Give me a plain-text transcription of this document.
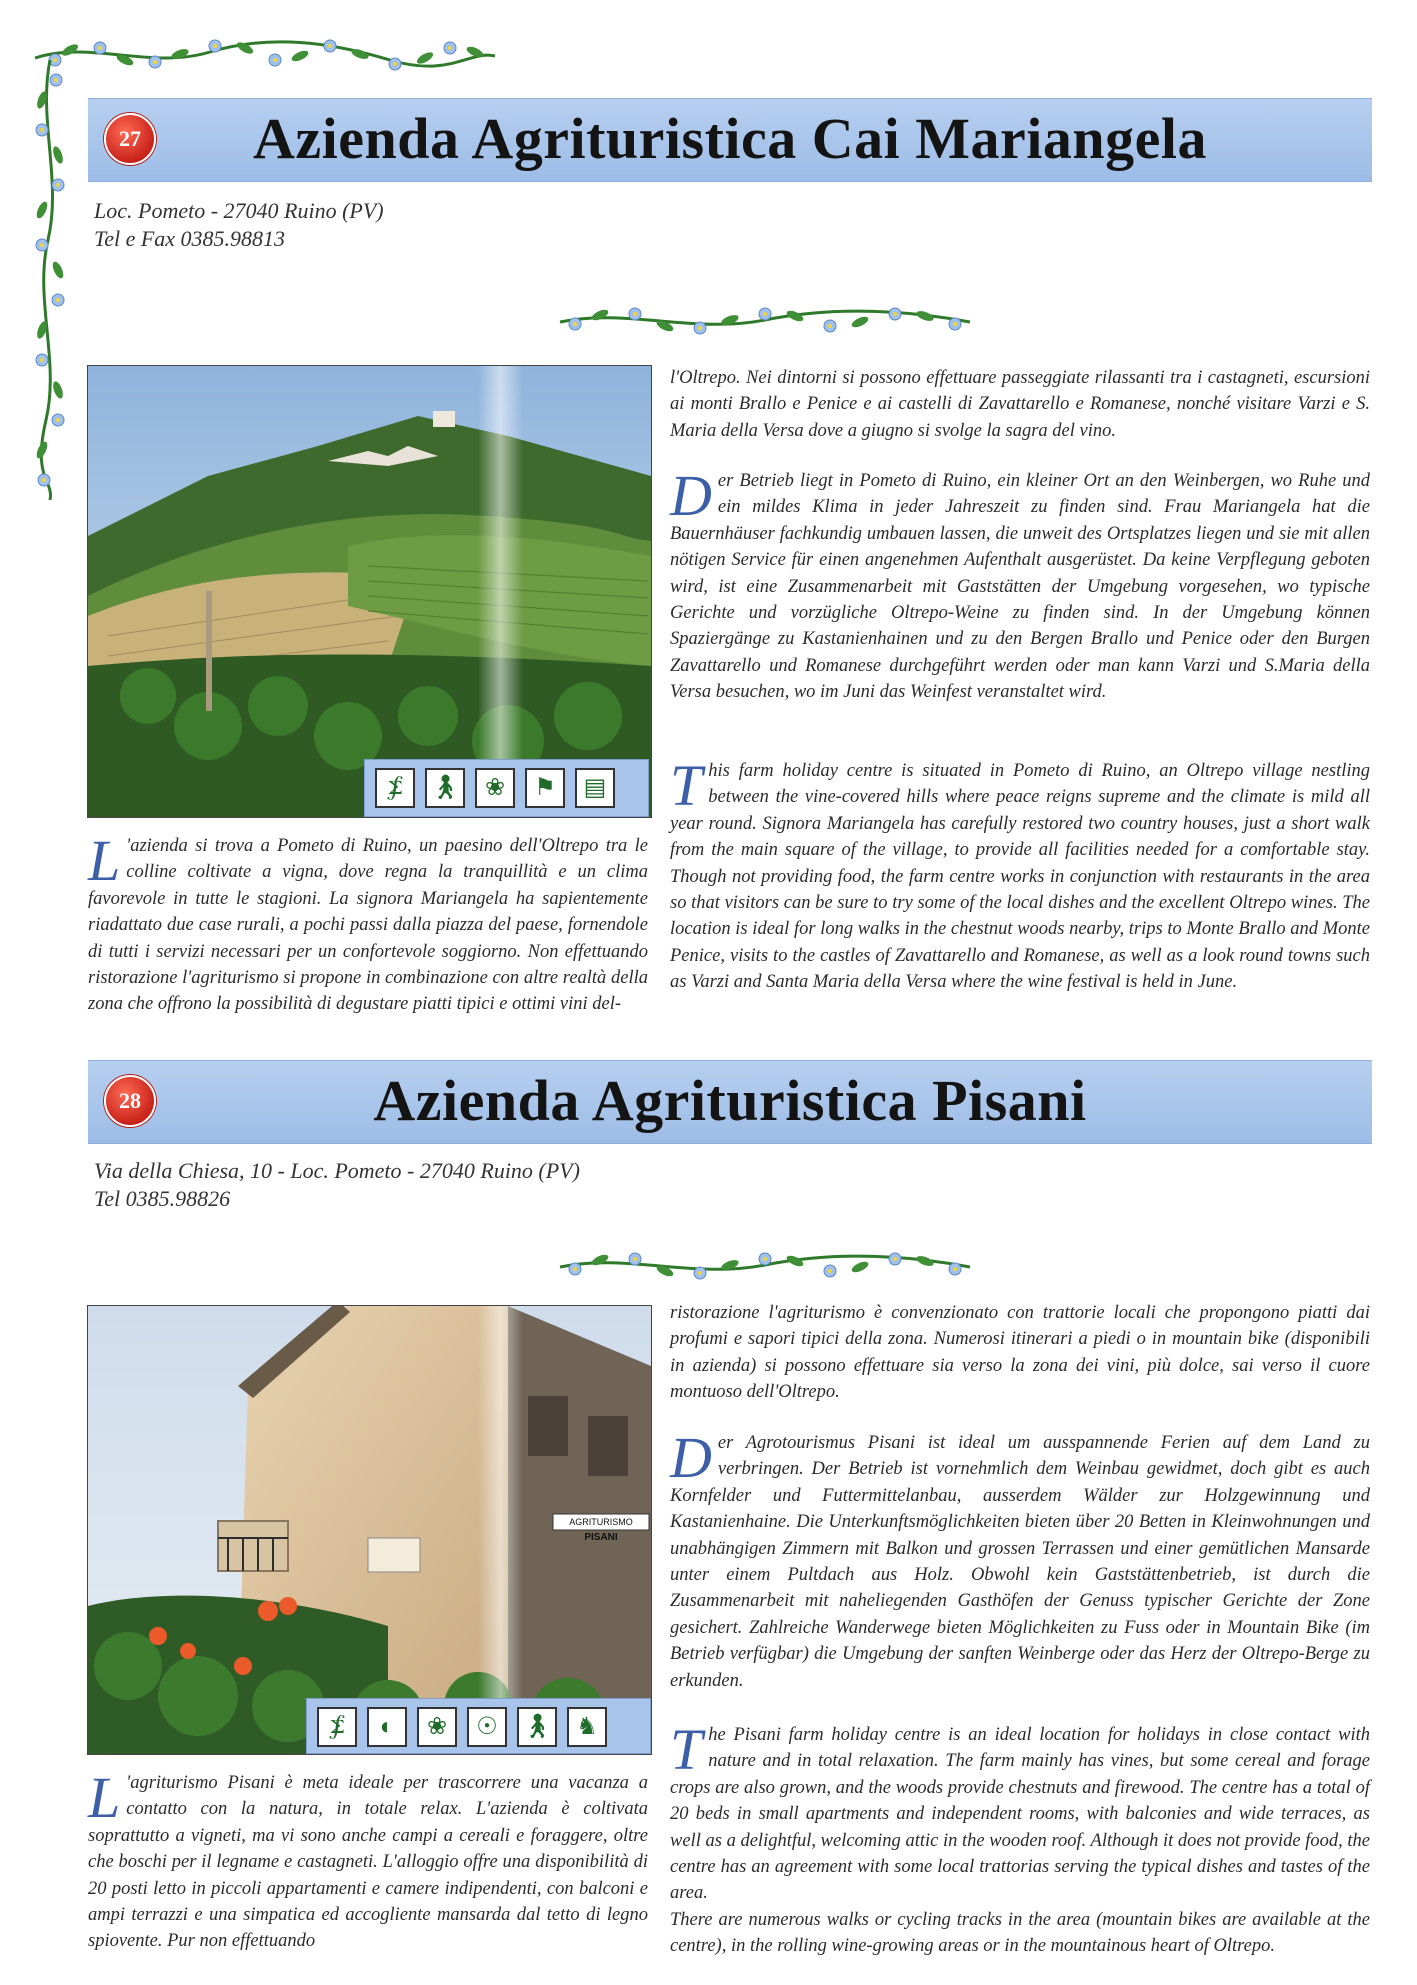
27	Azienda Agrituristica Cai Mariangela
Loc. Pometo - 27040 Ruino (PV)
Tel e Fax 0385.98813
⨋	🚶︎	❀	⚑	▤

L 'azienda si trova a Pometo di Ruino, un paesino dell'Oltrepo tra le colline coltivate a vigna, dove regna la tranquillità e un clima favorevole in tutte le stagioni. La signora Mariangela ha sapientemente riadattato due case rurali, a pochi passi dalla piazza del paese, fornendole di tutti i servizi necessari per un confortevole soggiorno. Non effettuando ristorazione l'agriturismo si propone in combinazione con altre realtà della zona che offrono la possibilità di degustare piatti tipici e ottimi vini del-

l'Oltrepo. Nei dintorni si possono effettuare passeggiate rilassanti tra i castagneti, escursioni ai monti Brallo e Penice e ai castelli di Zavattarello e Romanese, nonché visitare Varzi e S. Maria della Versa dove a giugno si svolge la sagra del vino.

Der Betrieb liegt in Pometo di Ruino, ein kleiner Ort an den Weinbergen, wo Ruhe und ein mildes Klima in jeder Jahreszeit zu finden sind. Frau Mariangela hat die Bauernhäuser fachkundig umbauen lassen, die unweit des Ortsplatzes liegen und sie mit allen nötigen Service für einen angenehmen Aufenthalt ausgerüstet. Da keine Verpflegung geboten wird, ist eine Zusammenarbeit mit Gaststätten der Umgebung vorgesehen, wo typische Gerichte und vorzügliche Oltrepo-Weine zu finden sind. In der Umgebung können Spaziergänge zu Kastanienhainen und zu den Bergen Brallo und Penice oder den Burgen Zavattarello und Romanese durchgeführt werden oder man kann Varzi und S.Maria della Versa besuchen, wo im Juni das Weinfest veranstaltet wird.

This farm holiday centre is situated in Pometo di Ruino, an Oltrepo village nestling between the vine-covered hills where peace reigns supreme and the climate is mild all year round. Signora Mariangela has carefully restored two country houses, just a short walk from the main square of the village, to provide all facilities needed for a comfortable stay. Though not providing food, the farm centre works in conjunction with restaurants in the area so that visitors can be sure to try some of the local dishes and the excellent Oltrepo wines. The location is ideal for long walks in the chestnut woods nearby, trips to Monte Brallo and Monte Penice, visits to the castles of Zavattarello and Romanese, as well as a look round towns such as Varzi and Santa Maria della Versa where the wine festival is held in June.

28	Azienda Agrituristica Pisani
Via della Chiesa, 10 - Loc. Pometo - 27040 Ruino (PV)
Tel 0385.98826
AGRITURISMO
PISANI
⨋	◐	❀	☉	🚶︎	♞

L 'agriturismo Pisani è meta ideale per trascorrere una vacanza a contatto con la natura, in totale relax. L'azienda è coltivata soprattutto a vigneti, ma vi sono anche campi a cereali e foraggere, oltre che boschi per il legname e castagneti. L'alloggio offre una disponibilità di 20 posti letto in piccoli appartamenti e camere indipendenti, con balconi e ampi terrazzi e una simpatica ed accogliente mansarda dal tetto di legno spiovente. Pur non effettuando

ristorazione l'agriturismo è convenzionato con trattorie locali che propongono piatti dai profumi e sapori tipici della zona. Numerosi itinerari a piedi o in mountain bike (disponibili in azienda) si possono effettuare sia verso la zona dei vini, più dolce, sai verso il cuore montuoso dell'Oltrepo.

Der Agrotourismus Pisani ist ideal um ausspannende Ferien auf dem Land zu verbringen. Der Betrieb ist vornehmlich dem Weinbau gewidmet, doch gibt es auch Kornfelder und Futtermittelanbau, ausserdem Wälder zur Holzgewinnung und Kastanienhaine. Die Unterkunftsmöglichkeiten bieten über 20 Betten in Kleinwohnungen und unabhängigen Zimmern mit Balkon und grossen Terrassen und einer gemütlichen Mansarde unter einem Pultdach aus Holz. Obwohl kein Gaststättenbetrieb, ist durch die Zusammenarbeit mit naheliegenden Gasthöfen der Genuss typischer Gerichte der Zone gesichert. Zahlreiche Wanderwege bieten Möglichkeiten zu Fuss oder in Mountain Bike (im Betrieb verfügbar) die Umgebung der sanften Weinberge oder das Herz der Oltrepo-Berge zu erkunden.

The Pisani farm holiday centre is an ideal location for holidays in close contact with nature and in total relaxation. The farm mainly has vines, but some cereal and forage crops are also grown, and the woods provide chestnuts and firewood. The centre has a total of 20 beds in small apartments and independent rooms, with balconies and wide terraces, as well as a delightful, welcoming attic in the wooden roof. Although it does not provide food, the centre has an agreement with some local trattorias serving the typical dishes and tastes of the area.

There are numerous walks or cycling tracks in the area (mountain bikes are available at the centre), in the rolling wine-growing areas or in the mountainous heart of Oltrepo.
